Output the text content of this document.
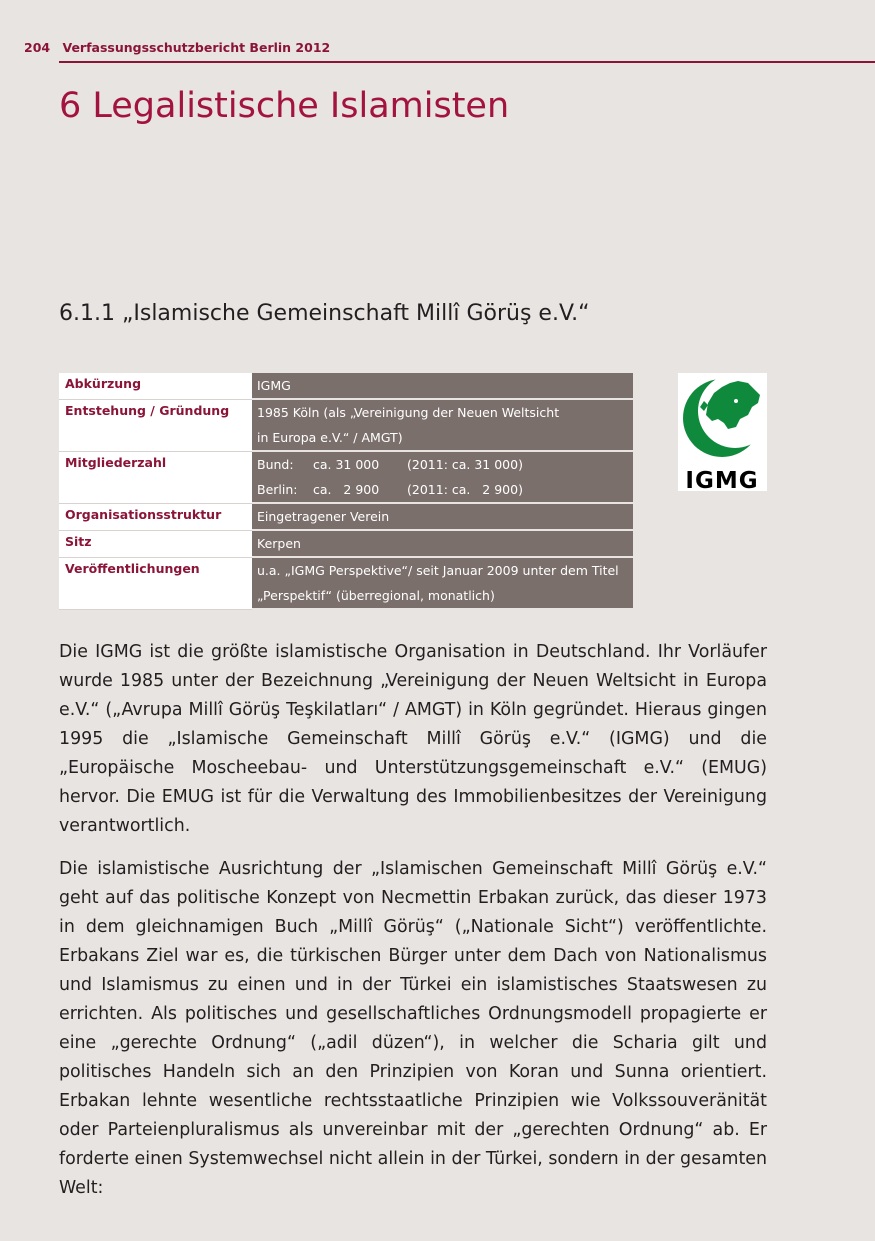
204 Verfassungsschutzbericht Berlin 2012
6 Legalistische Islamisten
6.1.1 „Islamische Gemeinschaft Millî Görüş e.V.“
Abkürzung	IGMG

Entstehung / Gründung	1985 Köln (als „Vereinigung der Neuen Weltsicht
in Europa e.V.“ / AMGT)

Mitgliederzahl	Bund: ca. 31 000 (2011: ca. 31 000)
Berlin: ca.   2 900 (2011: ca.   2 900)

Organisationsstruktur	Eingetragener Verein

Sitz	Kerpen

Veröffentlichungen	u.a. „IGMG Perspektive“/ seit Januar 2009 unter dem Titel
„Perspektif“ (überregional, monatlich)
IGMG

Die IGMG ist die größte islamistische Organisation in Deutschland. Ihr Vorläufer wurde 1985 unter der Bezeichnung „Vereinigung der Neuen Weltsicht in Europa e.V.“ („Avrupa Millî Görüş Teşkilatları“ / AMGT) in Köln gegründet. Hieraus gingen 1995 die „Islamische Gemeinschaft Millî Görüş e.V.“ (IGMG) und die „Europäische Moscheebau- und Unterstützungsgemeinschaft e.V.“ (EMUG) hervor. Die EMUG ist für die Verwaltung des Immobilienbesitzes der Vereinigung verantwortlich.

Die islamistische Ausrichtung der „Islamischen Gemeinschaft Millî Görüş e.V.“ geht auf das politische Konzept von Necmettin Erbakan zurück, das dieser 1973 in dem gleichnamigen Buch „Millî Görüş“ („Nationale Sicht“) veröffentlichte. Erbakans Ziel war es, die türkischen Bürger unter dem Dach von Nationalismus und Islamismus zu einen und in der Türkei ein islamistisches Staatswesen zu errichten. Als politisches und gesellschaftliches Ordnungsmodell propagierte er eine „gerechte Ordnung“ („adil düzen“), in welcher die Scharia gilt und politisches Handeln sich an den Prinzipien von Koran und Sunna orientiert. Erbakan lehnte wesentliche rechtsstaatliche Prinzipien wie Volkssouveränität oder Parteienpluralismus als unvereinbar mit der „gerechten Ordnung“ ab. Er forderte einen Systemwechsel nicht allein in der Türkei, sondern in der gesamten Welt:
